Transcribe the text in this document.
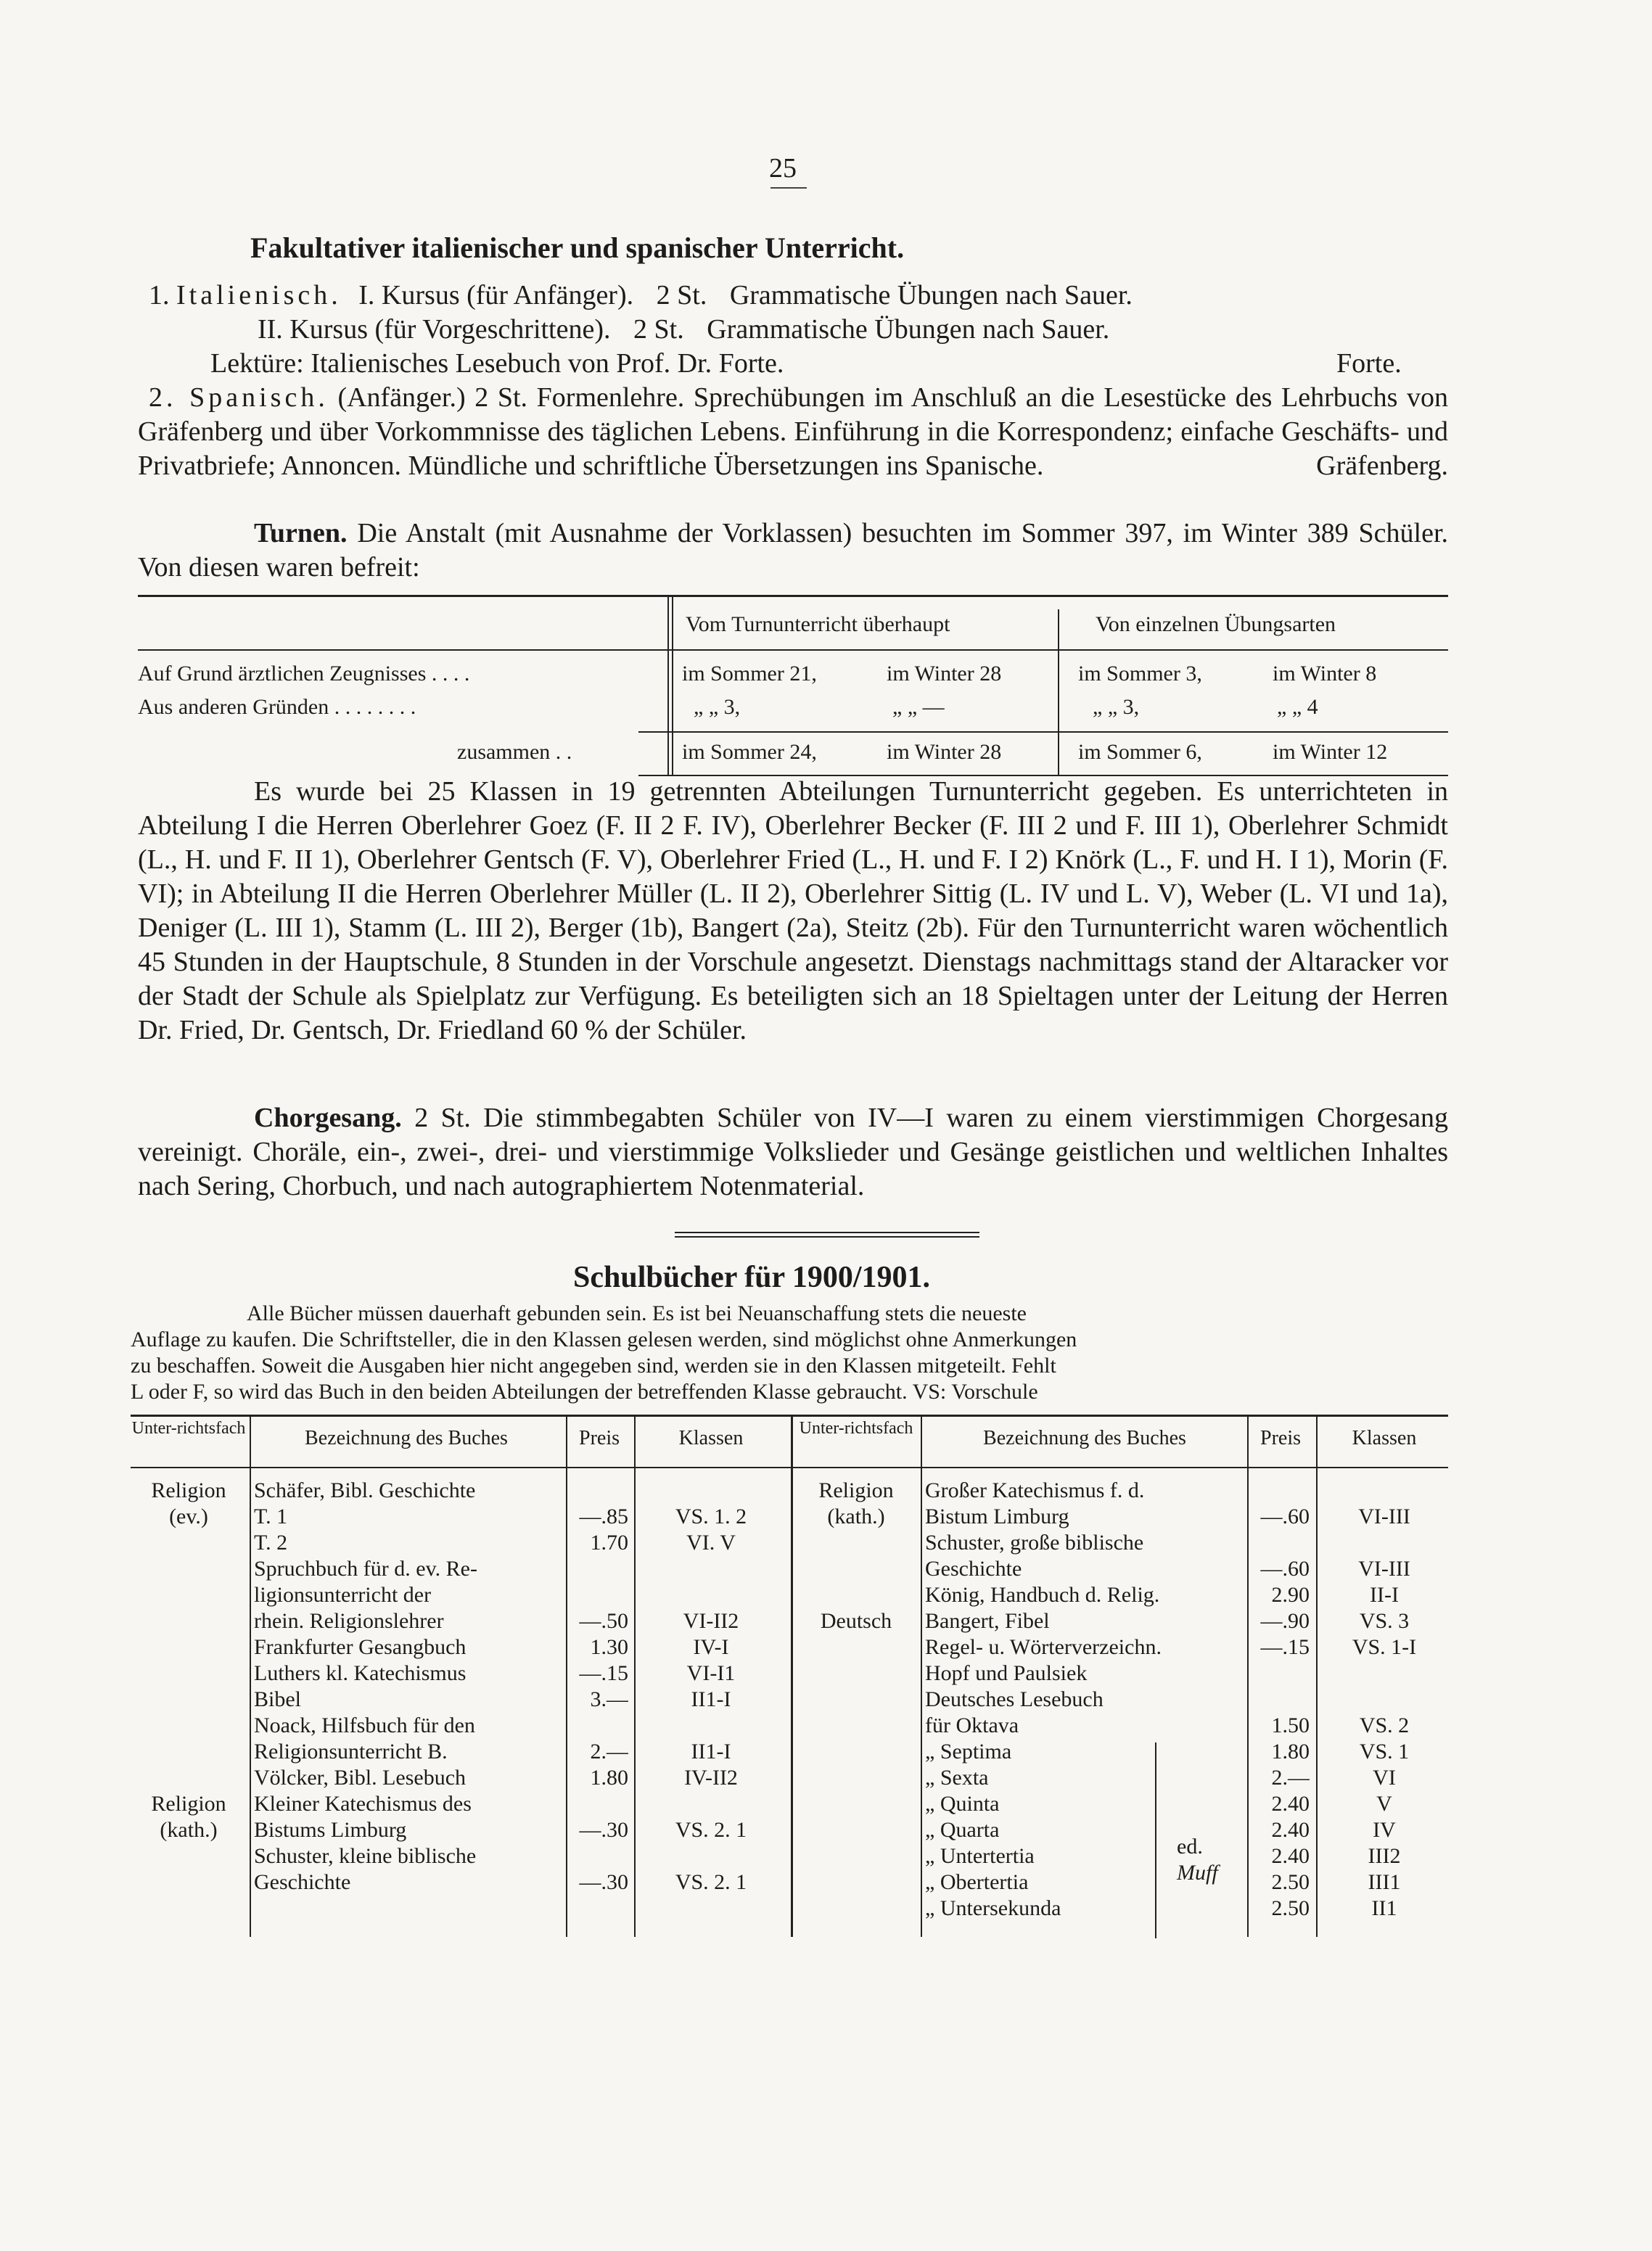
25
Fakultativer italienischer und spanischer Unterricht.
1. Italienisch. I. Kursus (für Anfänger). 2 St. Grammatische Übungen nach Sauer.
II. Kursus (für Vorgeschrittene). 2 St. Grammatische Übungen nach Sauer.
Lektüre: Italienisches Lesebuch von Prof. Dr. Forte.	Forte.
2. Spanisch. (Anfänger.) 2 St. Formenlehre. Sprechübungen im Anschluß an die Lesestücke des Lehrbuchs von Gräfenberg und über Vorkommnisse des täglichen Lebens. Einführung in die Korrespondenz; einfache Geschäfts- und Privatbriefe; Annoncen. Mündliche und schriftliche Übersetzungen ins Spanische.	Gräfenberg.
Turnen. Die Anstalt (mit Ausnahme der Vorklassen) besuchten im Sommer 397, im Winter 389 Schüler. Von diesen waren befreit:
Vom Turnunterricht überhaupt	Von einzelnen Übungsarten
Auf Grund ärztlichen Zeugnisses . . . .	im Sommer 21,	im Winter 28	im Sommer 3,	im Winter 8
Aus anderen Gründen . . . . . . . .	„ „ 3,	„ „ —	„ „ 3,	„ „ 4
zusammen . .	im Sommer 24,	im Winter 28	im Sommer 6,	im Winter 12
Es wurde bei 25 Klassen in 19 getrennten Abteilungen Turnunterricht gegeben. Es unterrichteten in Abteilung I die Herren Oberlehrer Goez (F. II 2 F. IV), Oberlehrer Becker (F. III 2 und F. III 1), Oberlehrer Schmidt (L., H. und F. II 1), Oberlehrer Gentsch (F. V), Oberlehrer Fried (L., H. und F. I 2) Knörk (L., F. und H. I 1), Morin (F. VI); in Abteilung II die Herren Oberlehrer Müller (L. II 2), Oberlehrer Sittig (L. IV und L. V), Weber (L. VI und 1a), Deniger (L. III 1), Stamm (L. III 2), Berger (1b), Bangert (2a), Steitz (2b). Für den Turnunterricht waren wöchentlich 45 Stunden in der Hauptschule, 8 Stunden in der Vorschule angesetzt. Dienstags nachmittags stand der Altaracker vor der Stadt der Schule als Spielplatz zur Verfügung. Es beteiligten sich an 18 Spieltagen unter der Leitung der Herren Dr. Fried, Dr. Gentsch, Dr. Friedland 60 % der Schüler.
Chorgesang. 2 St. Die stimmbegabten Schüler von IV—I waren zu einem vierstimmigen Chorgesang vereinigt. Choräle, ein-, zwei-, drei- und vierstimmige Volkslieder und Gesänge geistlichen und weltlichen Inhaltes nach Sering, Chorbuch, und nach autographiertem Notenmaterial.
Schulbücher für 1900/1901.
Alle Bücher müssen dauerhaft gebunden sein. Es ist bei Neuanschaffung stets die neueste
Auflage zu kaufen. Die Schriftsteller, die in den Klassen gelesen werden, sind möglichst ohne Anmerkungen
zu beschaffen. Soweit die Ausgaben hier nicht angegeben sind, werden sie in den Klassen mitgeteilt. Fehlt
L oder F, so wird das Buch in den beiden Abteilungen der betreffenden Klasse gebraucht. VS: Vorschule
Unter-richtsfach	Bezeichnung des Buches	Preis	Klassen
Religion	Schäfer, Bibl. Geschichte
(ev.)	T. 1	—.85	VS. 1. 2
T. 2	1.70	VI. V
Spruchbuch für d. ev. Re-
ligionsunterricht der
rhein. Religionslehrer	—.50	VI-II2
Frankfurter Gesangbuch	1.30	IV-I
Luthers kl. Katechismus	—.15	VI-I1
Bibel	3.—	II1-I
Noack, Hilfsbuch für den
Religionsunterricht B.	2.—	II1-I
Völcker, Bibl. Lesebuch	1.80	IV-II2
Religion	Kleiner Katechismus des
(kath.)	Bistums Limburg	—.30	VS. 2. 1
Schuster, kleine biblische
Geschichte	—.30	VS. 2. 1
Unter-richtsfach	Bezeichnung des Buches	Preis	Klassen
Religion	Großer Katechismus f. d.
(kath.)	Bistum Limburg	—.60	VI-III
Schuster, große biblische
Geschichte	—.60	VI-III
König, Handbuch d. Relig.	2.90	II-I
Deutsch	Bangert, Fibel	—.90	VS. 3
Regel- u. Wörterverzeichn.	—.15	VS. 1-I
Hopf und Paulsiek
Deutsches Lesebuch
für Oktava	1.50	VS. 2
„ Septima	1.80	VS. 1
„ Sexta	2.—	VI
„ Quinta	2.40	V
„ Quarta	2.40	IV
„ Untertertia	2.40	III2
„ Obertertia	2.50	III1
„ Untersekunda	2.50	II1
ed.
Muff
